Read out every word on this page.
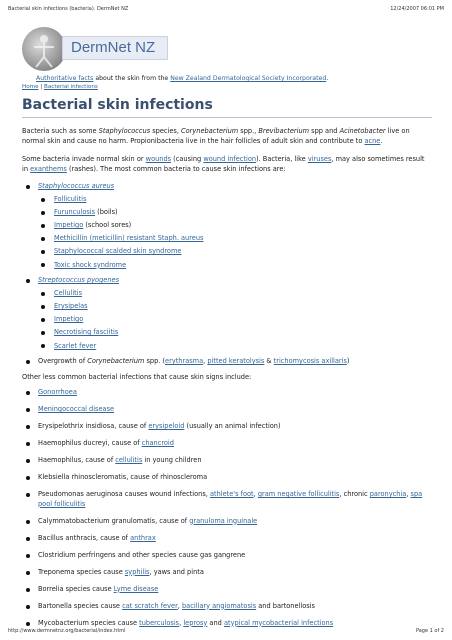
Bacterial skin infections (bacteria). DermNet NZ	12/24/2007 06:01 PM
DermNet NZ

Authoritative facts about the skin from the New Zealand Dermatological Society Incorporated.

Home | Bacterial infections

Bacterial skin infections

Bacteria such as some Staphylococcus species, Corynebacterium spp., Brevibacterium spp and Acinetobacter live on normal skin and cause no harm. Propionibacteria live in the hair follicles of adult skin and contribute to acne.

Some bacteria invade normal skin or wounds (causing wound infection). Bacteria, like viruses, may also sometimes result in exanthems (rashes). The most common bacteria to cause skin infections are:

Staphylococcus aureus
Folliculitis
Furunculosis (boils)
Impetigo (school sores)
Methicillin (meticillin) resistant Staph. aureus
Staphylococcal scalded skin syndrome
Toxic shock syndrome
Streptococcus pyogenes
Cellulitis
Erysipelas
Impetigo
Necrotising fasciitis
Scarlet fever
Overgrowth of Corynebacterium spp. (erythrasma, pitted keratolysis & trichomycosis axillaris)

Other less common bacterial infections that cause skin signs include:

Gonorrhoea
Meningococcal disease
Erysipelothrix insidiosa, cause of erysipeloid (usually an animal infection)
Haemophilus ducreyi, cause of chancroid
Haemophilus, cause of cellulitis in young children
Klebsiella rhinoscleromatis, cause of rhinoscleroma
Pseudomonas aeruginosa causes wound infections, athlete's foot, gram negative folliculitis, chronic paronychia, spa pool folliculitis
Calymmatobacterium granulomatis, cause of granuloma inguinale
Bacillus anthracis, cause of anthrax
Clostridium perfringens and other species cause gas gangrene
Treponema species cause syphilis, yaws and pinta
Borrelia species cause Lyme disease
Bartonella species cause cat scratch fever, bacillary angiomatosis and bartonellosis
Mycobacterium species cause tuberculosis, leprosy and atypical mycobacterial infections
http://www.dermnetnz.org/bacterial/index.html	Page 1 of 2
